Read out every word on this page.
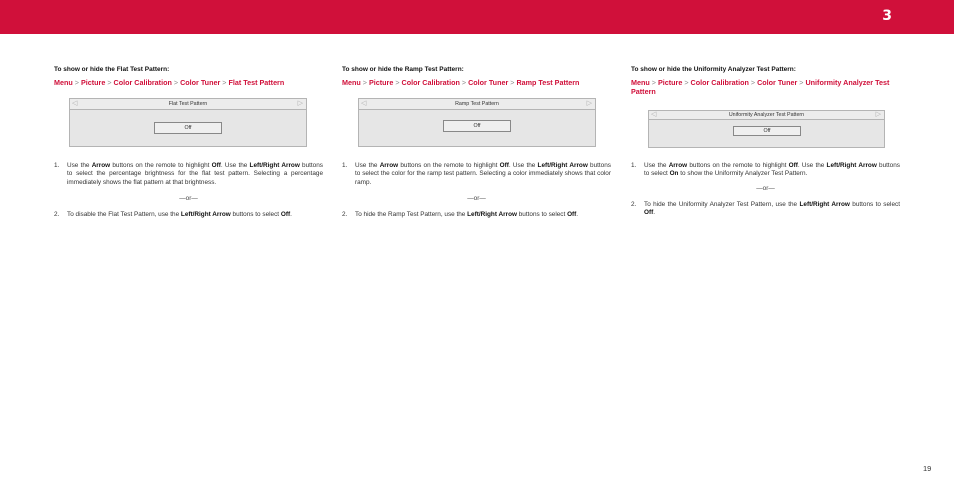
3
To show or hide the Flat Test Pattern:
Menu > Picture > Color Calibration > Color Tuner > Flat Test Pattern
Flat Test Pattern
◁	▷
Off
1. Use the Arrow buttons on the remote to highlight Off. Use the Left/Right Arrow buttons to select the percentage brightness for the flat test pattern. Selecting a percentage immediately shows the flat pattern at that brightness.
—or—
2. To disable the Flat Test Pattern, use the Left/Right Arrow buttons to select Off.
To show or hide the Ramp Test Pattern:
Menu > Picture > Color Calibration > Color Tuner > Ramp Test Pattern
Ramp Test Pattern
◁	▷
Off
1. Use the Arrow buttons on the remote to highlight Off. Use the Left/Right Arrow buttons to select the color for the ramp test pattern. Selecting a color immediately shows that color ramp.
—or—
2. To hide the Ramp Test Pattern, use the Left/Right Arrow buttons to select Off.
To show or hide the Uniformity Analyzer Test Pattern:
Menu > Picture > Color Calibration > Color Tuner > Uniformity Analyzer Test Pattern
Uniformity Analyzer Test Pattern
◁	▷
Off
1. Use the Arrow buttons on the remote to highlight Off. Use the Left/Right Arrow buttons to select On to show the Uniformity Analyzer Test Pattern.
—or—
2. To hide the Uniformity Analyzer Test Pattern, use the Left/Right Arrow buttons to select Off.
19
